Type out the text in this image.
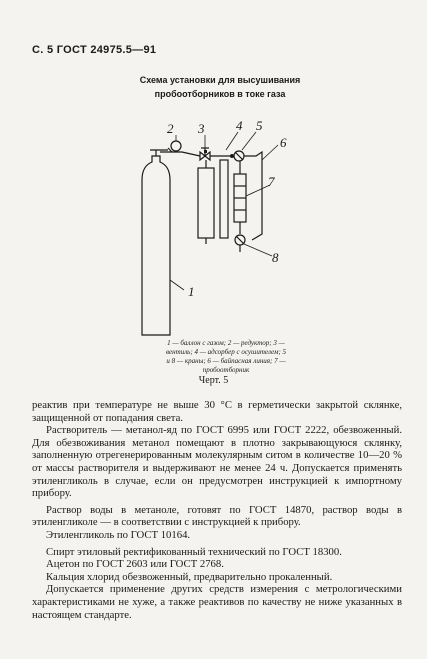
С. 5 ГОСТ 24975.5—91
Схема установки для высушивания
пробоотборников в токе газа
1
2 3 4 5
6
7
8
1 — баллон с газом; 2 — редуктор; 3 —
вентиль; 4 — адсорбер с осушителем; 5
и 8 — краны; 6 — байпасная линия; 7 —
пробоотборник
Черт. 5

реактив при температуре не выше 30 °С в герметически закрытой склянке, защищенной от попадания света.

Растворитель — метанол-яд по ГОСТ 6995 или ГОСТ 2222, обезвоженный. Для обезвоживания метанол помещают в плотно закрывающуюся склянку, заполненную отрегенерированным молекулярным ситом в количестве 10—20 % от массы растворителя и выдерживают не менее 24 ч. Допускается применять этиленгликоль в случае, если он предусмотрен инструкцией к импортному прибору.

Раствор воды в метаноле, готовят по ГОСТ 14870, раствор воды в этиленгликоле — в соответствии с инструкцией к прибору.

Этиленгликоль по ГОСТ 10164.

Спирт этиловый ректификованный технический по ГОСТ 18300.

Ацетон по ГОСТ 2603 или ГОСТ 2768.

Кальция хлорид обезвоженный, предварительно прокаленный.

Допускается применение других средств измерения с метрологическими характеристиками не хуже, а также реактивов по качеству не ниже указанных в настоящем стандарте.
